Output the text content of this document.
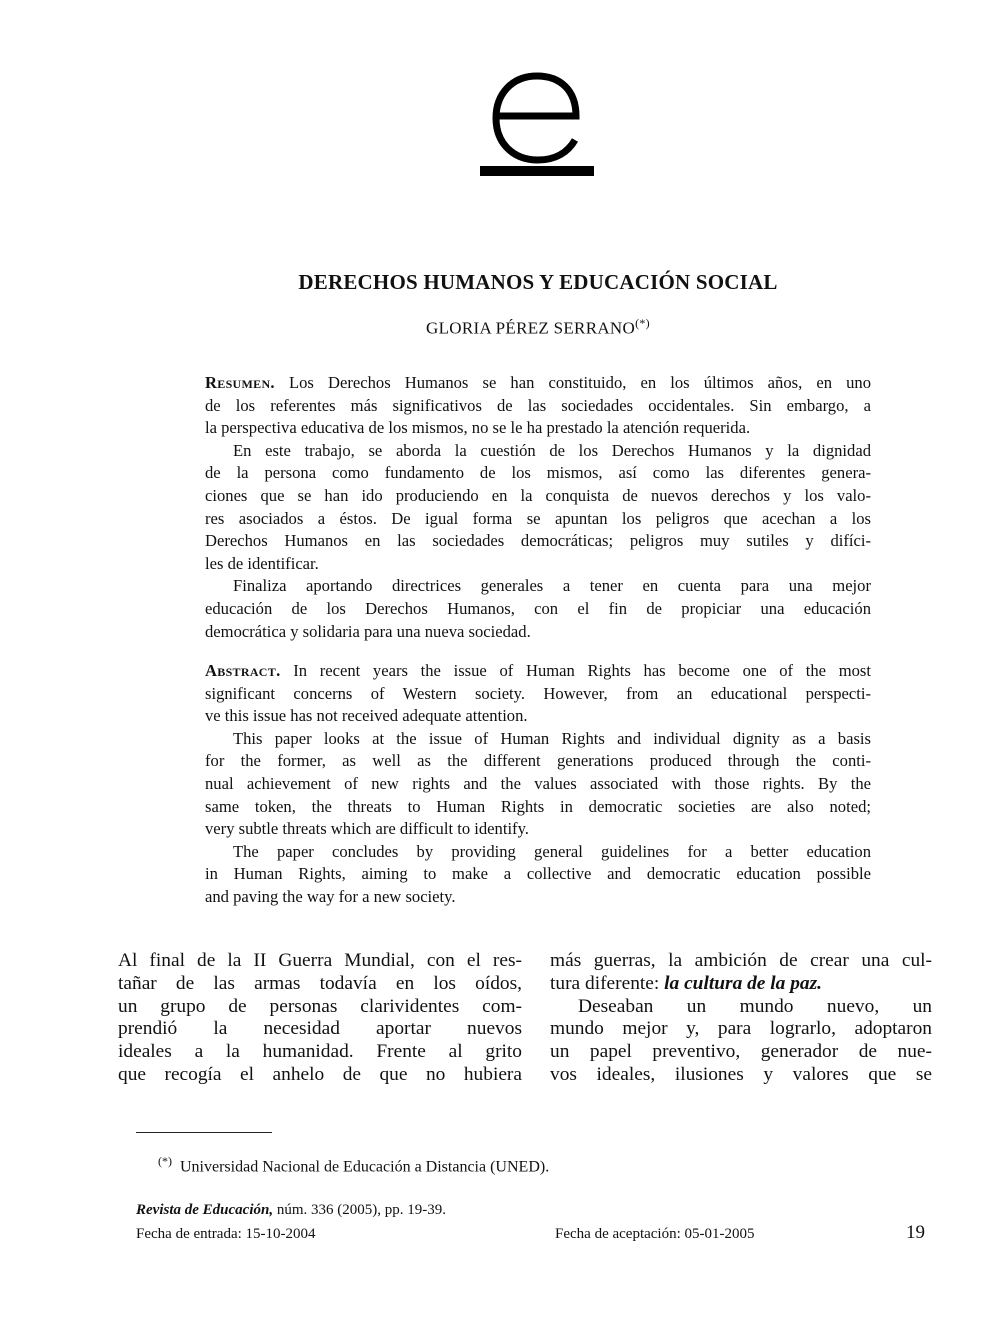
DERECHOS HUMANOS Y EDUCACIÓN SOCIAL
GLORIA PÉREZ SERRANO(*)
Resumen. Los Derechos Humanos se han constituido, en los últimos años, en uno
de los referentes más significativos de las sociedades occidentales. Sin embargo, a
la perspectiva educativa de los mismos, no se le ha prestado la atención requerida.
En este trabajo, se aborda la cuestión de los Derechos Humanos y la dignidad
de la persona como fundamento de los mismos, así como las diferentes genera-
ciones que se han ido produciendo en la conquista de nuevos derechos y los valo-
res asociados a éstos. De igual forma se apuntan los peligros que acechan a los
Derechos Humanos en las sociedades democráticas; peligros muy sutiles y difíci-
les de identificar.
Finaliza aportando directrices generales a tener en cuenta para una mejor
educación de los Derechos Humanos, con el fin de propiciar una educación
democrática y solidaria para una nueva sociedad.
Abstract. In recent years the issue of Human Rights has become one of the most
significant concerns of Western society. However, from an educational perspecti-
ve this issue has not received adequate attention.
This paper looks at the issue of Human Rights and individual dignity as a basis
for the former, as well as the different generations produced through the conti-
nual achievement of new rights and the values associated with those rights. By the
same token, the threats to Human Rights in democratic societies are also noted;
very subtle threats which are difficult to identify.
The paper concludes by providing general guidelines for a better education
in Human Rights, aiming to make a collective and democratic education possible
and paving the way for a new society.
Al final de la II Guerra Mundial, con el res-
tañar de las armas todavía en los oídos,
un grupo de personas clarividentes com-
prendió la necesidad aportar nuevos
ideales a la humanidad. Frente al grito
que recogía el anhelo de que no hubiera
más guerras, la ambición de crear una cul-
tura diferente: la cultura de la paz.
Deseaban un mundo nuevo, un
mundo mejor y, para lograrlo, adoptaron
un papel preventivo, generador de nue-
vos ideales, ilusiones y valores que se
(*) Universidad Nacional de Educación a Distancia (UNED).
Revista de Educación, núm. 336 (2005), pp. 19-39.
Fecha de entrada: 15-10-2004	Fecha de aceptación: 05-01-2005	19
